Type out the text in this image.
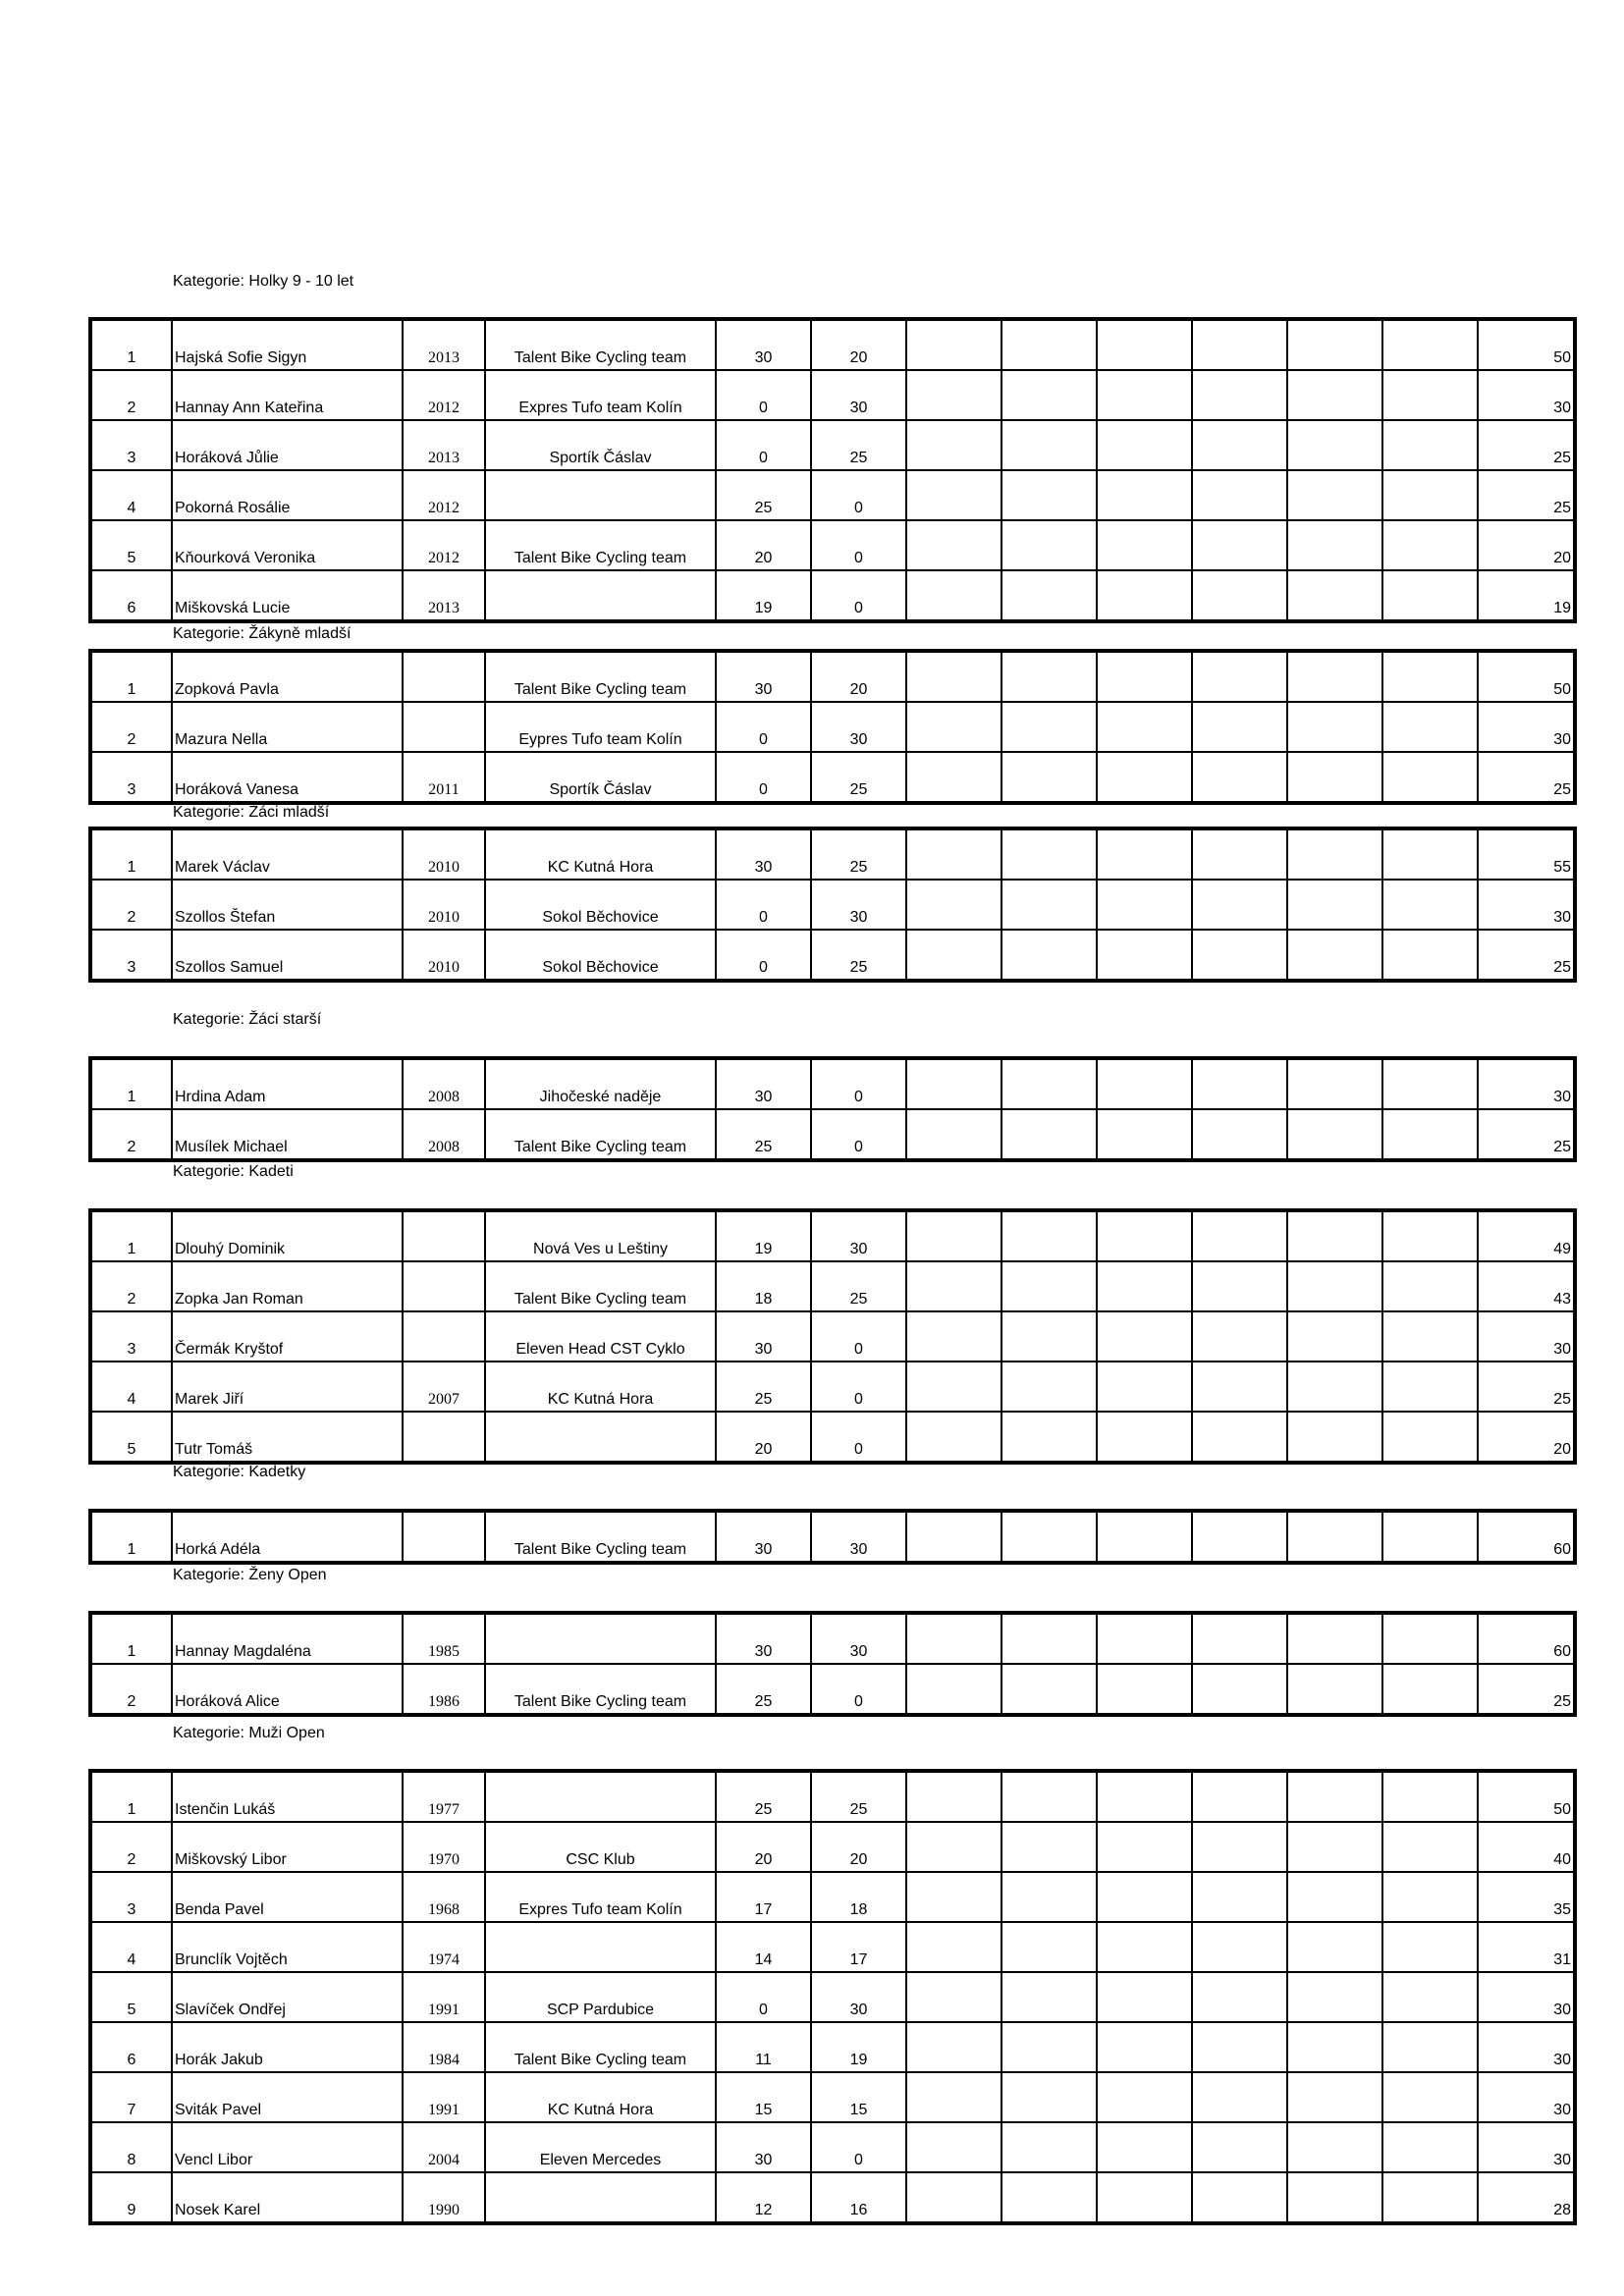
Kategorie: Holky 9 - 10 let
1	Hajská Sofie Sigyn	2013	Talent Bike Cycling team	30	20							50
2	Hannay Ann Kateřina	2012	Expres Tufo team Kolín	0	30							30
3	Horáková Jůlie	2013	Sportík Čáslav	0	25							25
4	Pokorná Rosálie	2012		25	0							25
5	Kňourková Veronika	2012	Talent Bike Cycling team	20	0							20
6	Miškovská Lucie	2013		19	0							19
Kategorie: Žákyně mladší
1	Zopková Pavla		Talent Bike Cycling team	30	20							50
2	Mazura Nella		Eypres Tufo team Kolín	0	30							30
3	Horáková Vanesa	2011	Sportík Čáslav	0	25							25
Kategorie: Žáci mladší
1	Marek Václav	2010	KC Kutná Hora	30	25							55
2	Szollos Štefan	2010	Sokol Běchovice	0	30							30
3	Szollos Samuel	2010	Sokol Běchovice	0	25							25
Kategorie: Žáci starší
1	Hrdina Adam	2008	Jihočeské naděje	30	0							30
2	Musílek Michael	2008	Talent Bike Cycling team	25	0							25
Kategorie: Kadeti
1	Dlouhý Dominik		Nová Ves u Leštiny	19	30							49
2	Zopka Jan Roman		Talent Bike Cycling team	18	25							43
3	Čermák Kryštof		Eleven Head CST Cyklo	30	0							30
4	Marek Jiří	2007	KC Kutná Hora	25	0							25
5	Tutr Tomáš			20	0							20
Kategorie: Kadetky
1	Horká Adéla		Talent Bike Cycling team	30	30							60
Kategorie: Ženy Open
1	Hannay Magdaléna	1985		30	30							60
2	Horáková Alice	1986	Talent Bike Cycling team	25	0							25
Kategorie: Muži Open
1	Istenčin Lukáš	1977		25	25							50
2	Miškovský Libor	1970	CSC Klub	20	20							40
3	Benda Pavel	1968	Expres Tufo team Kolín	17	18							35
4	Brunclík Vojtěch	1974		14	17							31
5	Slavíček Ondřej	1991	SCP Pardubice	0	30							30
6	Horák Jakub	1984	Talent Bike Cycling team	11	19							30
7	Sviták Pavel	1991	KC Kutná Hora	15	15							30
8	Vencl Libor	2004	Eleven Mercedes	30	0							30
9	Nosek Karel	1990		12	16							28
